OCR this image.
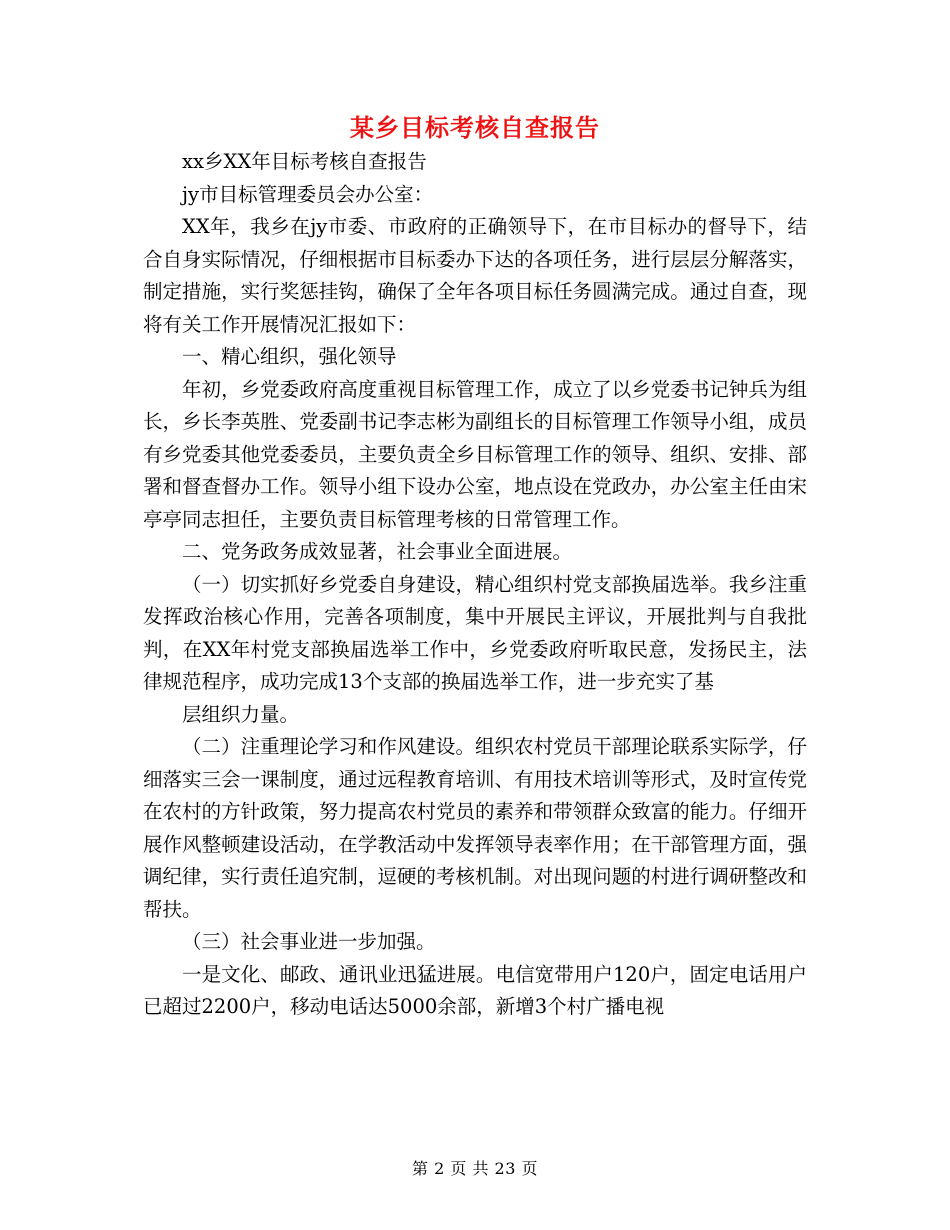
某乡目标考核自查报告

xx乡XX年目标考核自查报告

jy市目标管理委员会办公室：

XX年，我乡在jy市委、市政府的正确领导下，在市目标办的督导下，结合自身实际情况，仔细根据市目标委办下达的各项任务，进行层层分解落实，制定措施，实行奖惩挂钩，确保了全年各项目标任务圆满完成。通过自查，现将有关工作开展情况汇报如下：

一、精心组织，强化领导

年初，乡党委政府高度重视目标管理工作，成立了以乡党委书记钟兵为组长，乡长李英胜、党委副书记李志彬为副组长的目标管理工作领导小组，成员有乡党委其他党委委员，主要负责全乡目标管理工作的领导、组织、安排、部署和督查督办工作。领导小组下设办公室，地点设在党政办，办公室主任由宋亭亭同志担任，主要负责目标管理考核的日常管理工作。

二、党务政务成效显著，社会事业全面进展。

（一）切实抓好乡党委自身建设，精心组织村党支部换届选举。我乡注重发挥政治核心作用，完善各项制度，集中开展民主评议，开展批判与自我批判，在XX年村党支部换届选举工作中，乡党委政府听取民意，发扬民主，法律规范程序，成功完成13个支部的换届选举工作，进一步充实了基

层组织力量。

（二）注重理论学习和作风建设。组织农村党员干部理论联系实际学，仔细落实三会一课制度，通过远程教育培训、有用技术培训等形式，及时宣传党在农村的方针政策，努力提高农村党员的素养和带领群众致富的能力。仔细开展作风整顿建设活动，在学教活动中发挥领导表率作用；在干部管理方面，强调纪律，实行责任追究制，逗硬的考核机制。对出现问题的村进行调研整改和帮扶。

（三）社会事业进一步加强。

一是文化、邮政、通讯业迅猛进展。电信宽带用户120户，固定电话用户已超过2200户，移动电话达5000余部，新增3个村广播电视

第 2 页 共 23 页
